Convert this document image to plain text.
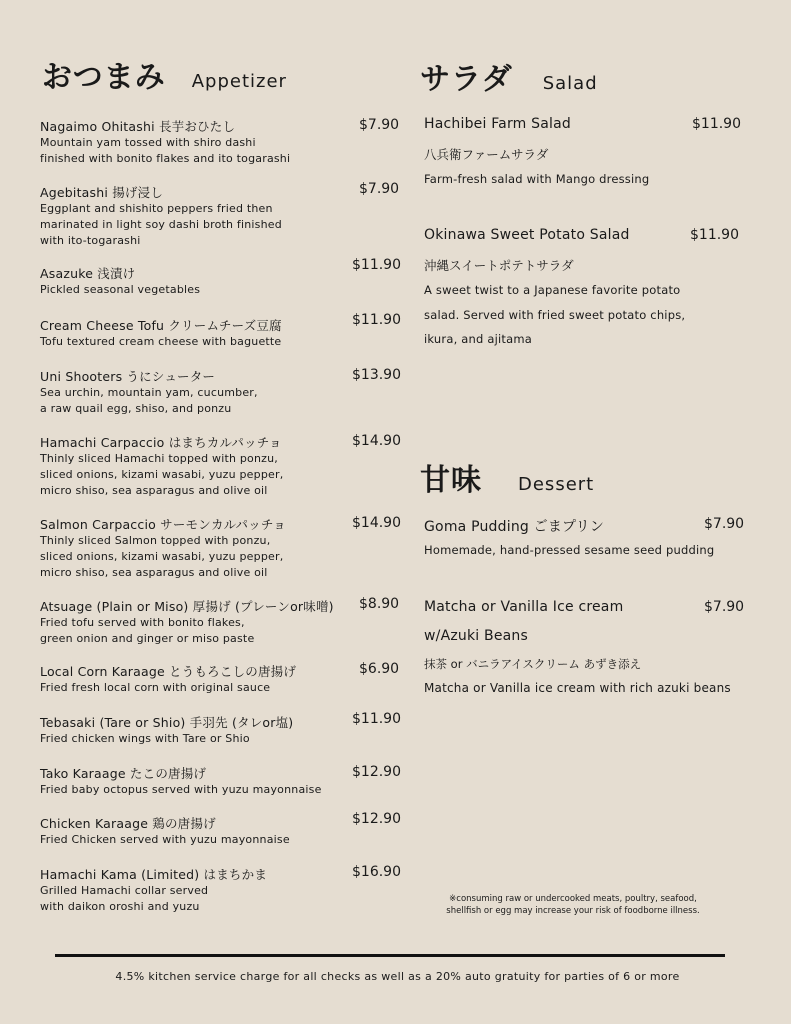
おつまみ Appetizer
Nagaimo Ohitashi 長芋おひたし
Mountain yam tossed with shiro dashi
finished with bonito flakes and ito togarashi
$7.90
Agebitashi 揚げ浸し
Eggplant and shishito peppers fried then
marinated in light soy dashi broth finished
with ito-togarashi
$7.90
Asazuke 浅漬け
Pickled seasonal vegetables
$11.90
Cream Cheese Tofu クリームチーズ豆腐
Tofu textured cream cheese with baguette
$11.90
Uni Shooters うにシューター
Sea urchin, mountain yam, cucumber,
a raw quail egg, shiso, and ponzu
$13.90
Hamachi Carpaccio はまちカルパッチョ
Thinly sliced Hamachi topped with ponzu,
sliced onions, kizami wasabi, yuzu pepper,
micro shiso, sea asparagus and olive oil
$14.90
Salmon Carpaccio サーモンカルパッチョ
Thinly sliced Salmon topped with ponzu,
sliced onions, kizami wasabi, yuzu pepper,
micro shiso, sea asparagus and olive oil
$14.90
Atsuage (Plain or Miso) 厚揚げ (プレーンor味噌)
Fried tofu served with bonito flakes,
green onion and ginger or miso paste
$8.90
Local Corn Karaage とうもろこしの唐揚げ
Fried fresh local corn with original sauce
$6.90
Tebasaki (Tare or Shio) 手羽先 (タレor塩)
Fried chicken wings with Tare or Shio
$11.90
Tako Karaage たこの唐揚げ
Fried baby octopus served with yuzu mayonnaise
$12.90
Chicken Karaage 鶏の唐揚げ
Fried Chicken served with yuzu mayonnaise
$12.90
Hamachi Kama (Limited) はまちかま
Grilled Hamachi collar served
with daikon oroshi and yuzu
$16.90
サラダ Salad
Hachibei Farm Salad	$11.90
八兵衛ファームサラダ
Farm-fresh salad with Mango dressing
Okinawa Sweet Potato Salad	$11.90
沖縄スイートポテトサラダ
A sweet twist to a Japanese favorite potato
salad. Served with fried sweet potato chips,
ikura, and ajitama
甘味 Dessert
Goma Pudding ごまプリン	$7.90
Homemade, hand-pressed sesame seed pudding
Matcha or Vanilla Ice cream	$7.90
w/Azuki Beans
抹茶 or バニラアイスクリーム あずき添え
Matcha or Vanilla ice cream with rich azuki beans
※consuming raw or undercooked meats, poultry, seafood,
shellfish or egg may increase your risk of foodborne illness.
4.5% kitchen service charge for all checks as well as a 20% auto gratuity for parties of 6 or more
